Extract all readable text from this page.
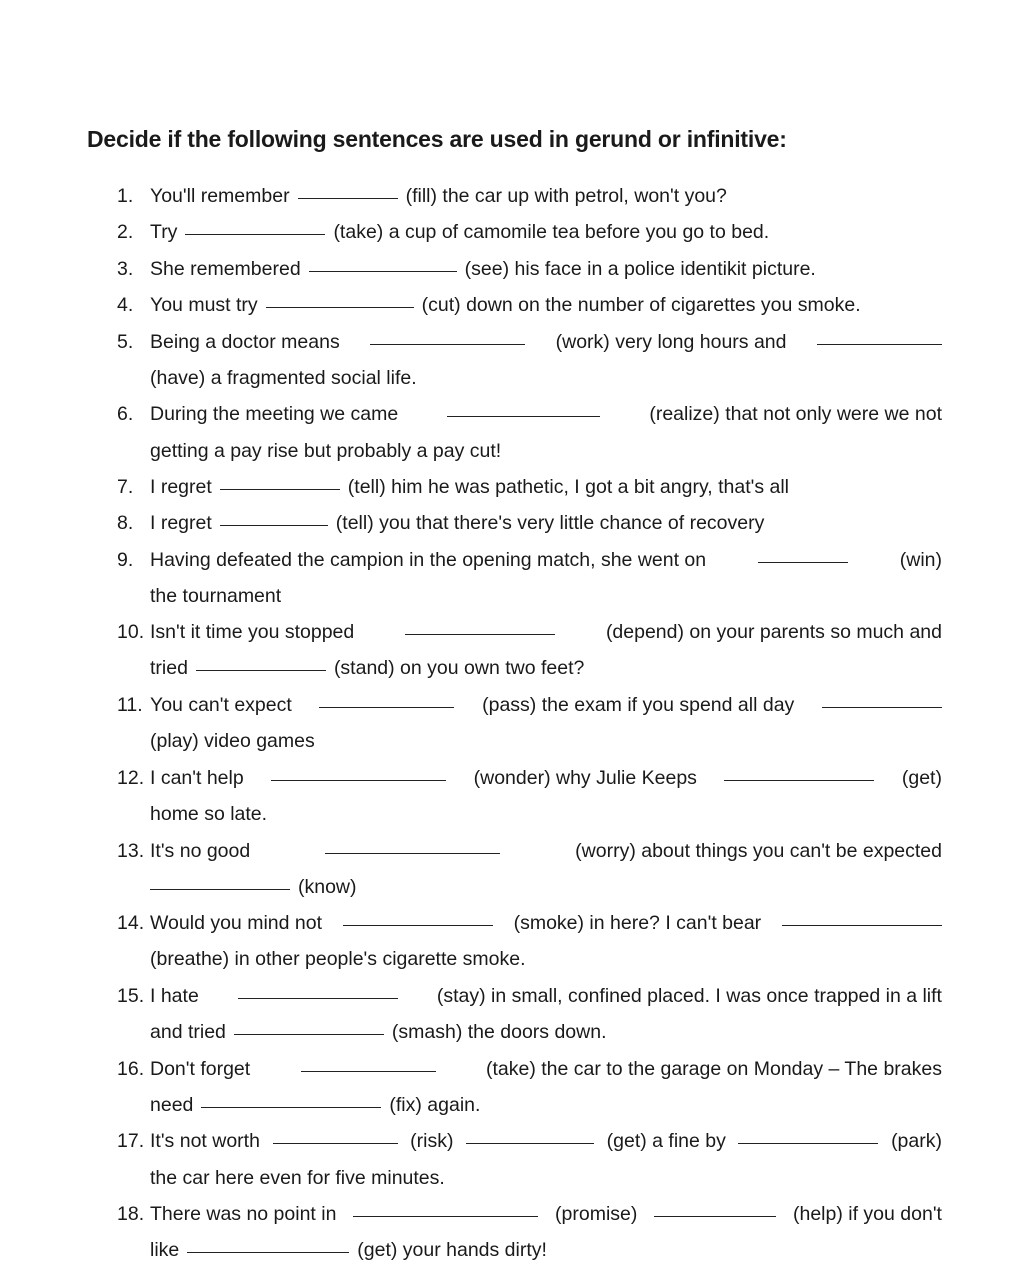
Decide if the following sentences are used in gerund or infinitive:
1. You'll remember	(fill) the car up with petrol, won't you?
2. Try	(take) a cup of camomile tea before you go to bed.
3. She remembered	(see) his face in a police identikit picture.
4. You must try	(cut) down on the number of cigarettes you smoke.
5. Being a doctor means	(work) very long hours and
(have) a fragmented social life.
6. During the meeting we came	(realize) that not only were we not
getting a pay rise but probably a pay cut!
7. I regret	(tell) him he was pathetic, I got a bit angry, that's all
8. I regret	(tell) you that there's very little chance of recovery
9. Having defeated the campion in the opening match, she went on	(win)
the tournament
10. Isn't it time you stopped	(depend) on your parents so much and
tried	(stand) on you own two feet?
11. You can't expect	(pass) the exam if you spend all day
(play) video games
12. I can't help	(wonder) why Julie Keeps	(get)
home so late.
13. It's no good	(worry) about things you can't be expected
(know)
14. Would you mind not	(smoke) in here? I can't bear
(breathe) in other people's cigarette smoke.
15. I hate	(stay) in small, confined placed. I was once trapped in a lift
and tried	(smash) the doors down.
16. Don't forget	(take) the car to the garage on Monday – The brakes
need	(fix) again.
17. It's not worth	(risk)	(get) a fine by	(park)
the car here even for five minutes.
18. There was no point in	(promise)	(help) if you don't
like	(get) your hands dirty!
